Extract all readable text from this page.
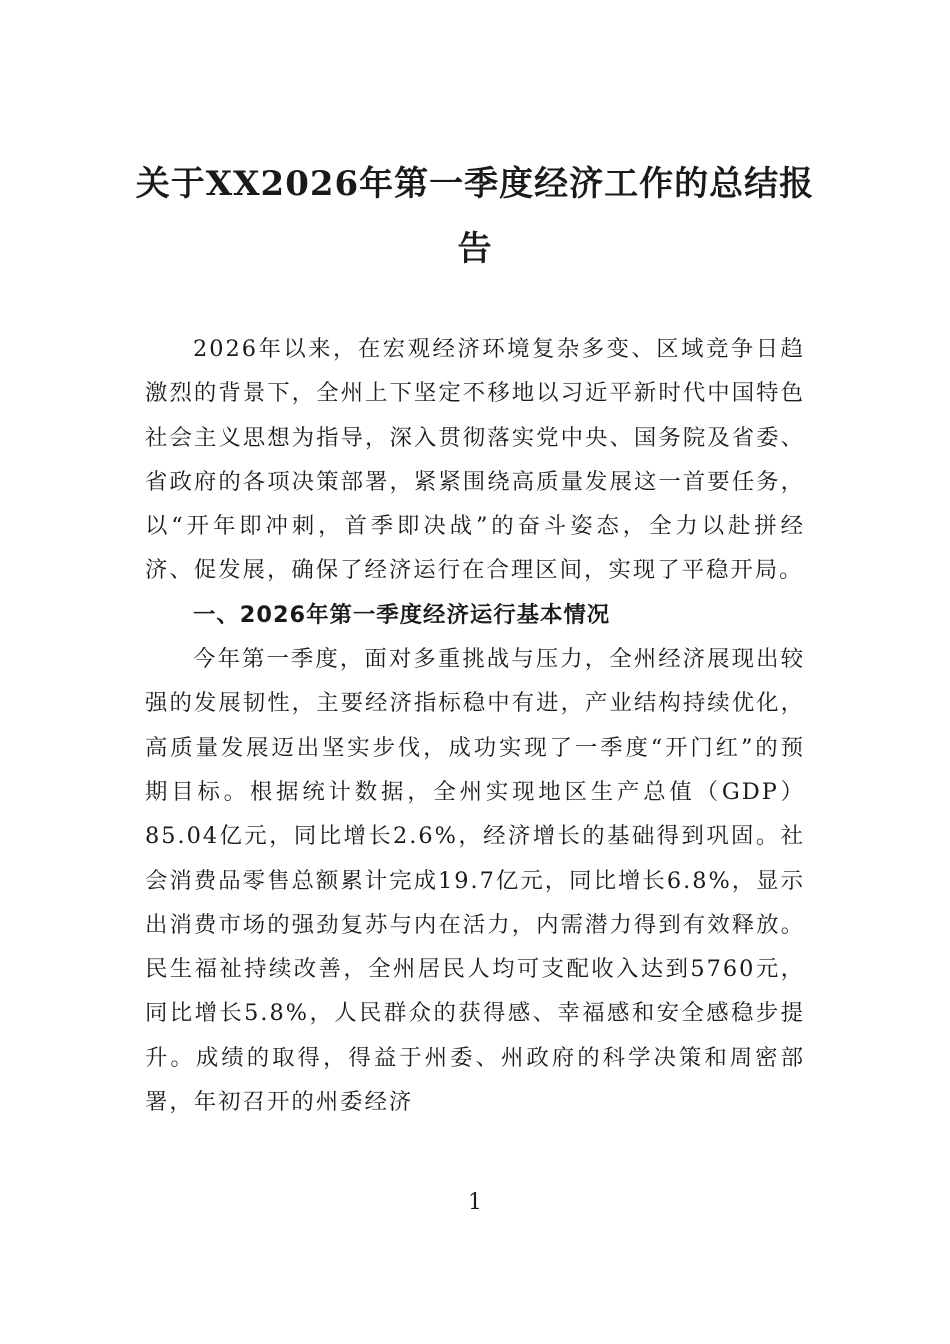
关于XX2026年第一季度经济工作的总结报
告

2026年以来，在宏观经济环境复杂多变、区域竞争日趋激烈的背景下，全州上下坚定不移地以习近平新时代中国特色社会主义思想为指导，深入贯彻落实党中央、国务院及省委、省政府的各项决策部署，紧紧围绕高质量发展这一首要任务，以“开年即冲刺，首季即决战”的奋斗姿态，全力以赴拼经济、促发展，确保了经济运行在合理区间，实现了平稳开局。

一、2026年第一季度经济运行基本情况

今年第一季度，面对多重挑战与压力，全州经济展现出较强的发展韧性，主要经济指标稳中有进，产业结构持续优化，高质量发展迈出坚实步伐，成功实现了一季度“开门红”的预期目标。根据统计数据，全州实现地区生产总值（GDP）85.04亿元，同比增长2.6%，经济增长的基础得到巩固。社会消费品零售总额累计完成19.7亿元，同比增长6.8%，显示出消费市场的强劲复苏与内在活力，内需潜力得到有效释放。民生福祉持续改善，全州居民人均可支配收入达到5760元，同比增长5.8%，人民群众的获得感、幸福感和安全感稳步提升。成绩的取得，得益于州委、州政府的科学决策和周密部署，年初召开的州委经济

1
